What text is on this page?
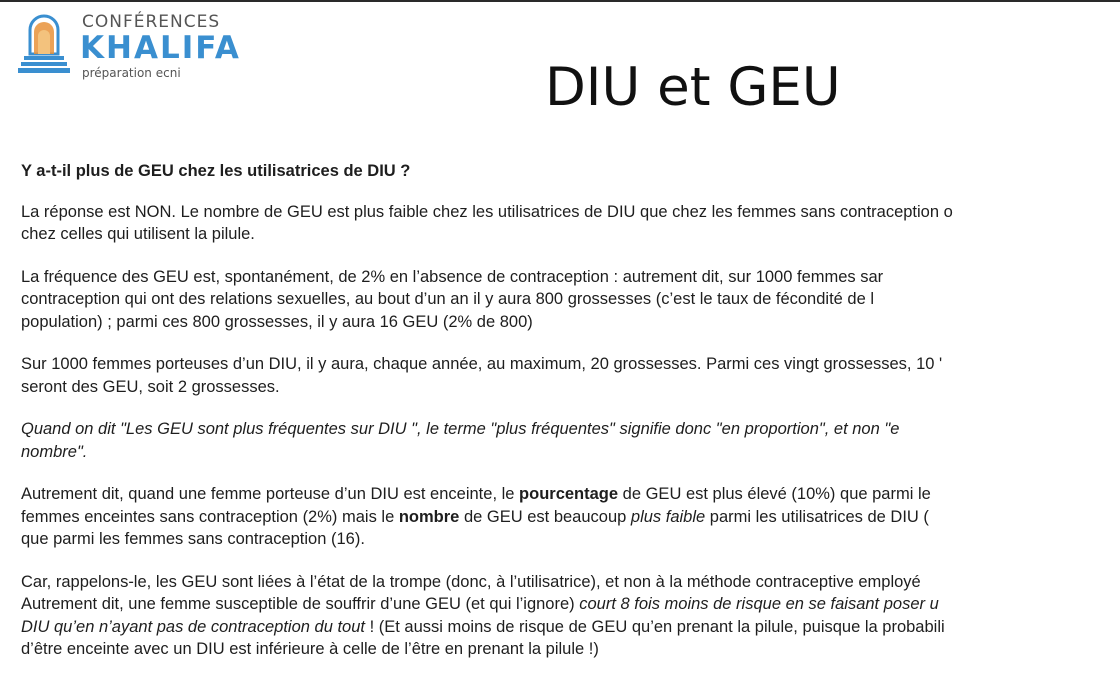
CONFÉRENCES
KHALIFA
préparation ecni	DIU et GEU

Y a-t-il plus de GEU chez les utilisatrices de DIU ?

La réponse est NON. Le nombre de GEU est plus faible chez les utilisatrices de DIU que chez les femmes sans contraception o
chez celles qui utilisent la pilule.

La fréquence des GEU est, spontanément, de 2% en l’absence de contraception : autrement dit, sur 1000 femmes sar
contraception qui ont des relations sexuelles, au bout d’un an il y aura 800 grossesses (c’est le taux de fécondité de l
population) ; parmi ces 800 grossesses, il y aura 16 GEU (2% de 800)

Sur 1000 femmes porteuses d’un DIU, il y aura, chaque année, au maximum, 20 grossesses. Parmi ces vingt grossesses, 10 '
seront des GEU, soit 2 grossesses.

Quand on dit "Les GEU sont plus fréquentes sur DIU ", le terme "plus fréquentes" signifie donc "en proportion", et non "e
nombre".

Autrement dit, quand une femme porteuse d’un DIU est enceinte, le pourcentage de GEU est plus élevé (10%) que parmi le
femmes enceintes sans contraception (2%) mais le nombre de GEU est beaucoup plus faible parmi les utilisatrices de DIU (
que parmi les femmes sans contraception (16).

Car, rappelons-le, les GEU sont liées à l’état de la trompe (donc, à l’utilisatrice), et non à la méthode contraceptive employé
Autrement dit, une femme susceptible de souffrir d’une GEU (et qui l’ignore) court 8 fois moins de risque en se faisant poser u
DIU qu’en n’ayant pas de contraception du tout ! (Et aussi moins de risque de GEU qu’en prenant la pilule, puisque la probabili
d’être enceinte avec un DIU est inférieure à celle de l’être en prenant la pilule !)
